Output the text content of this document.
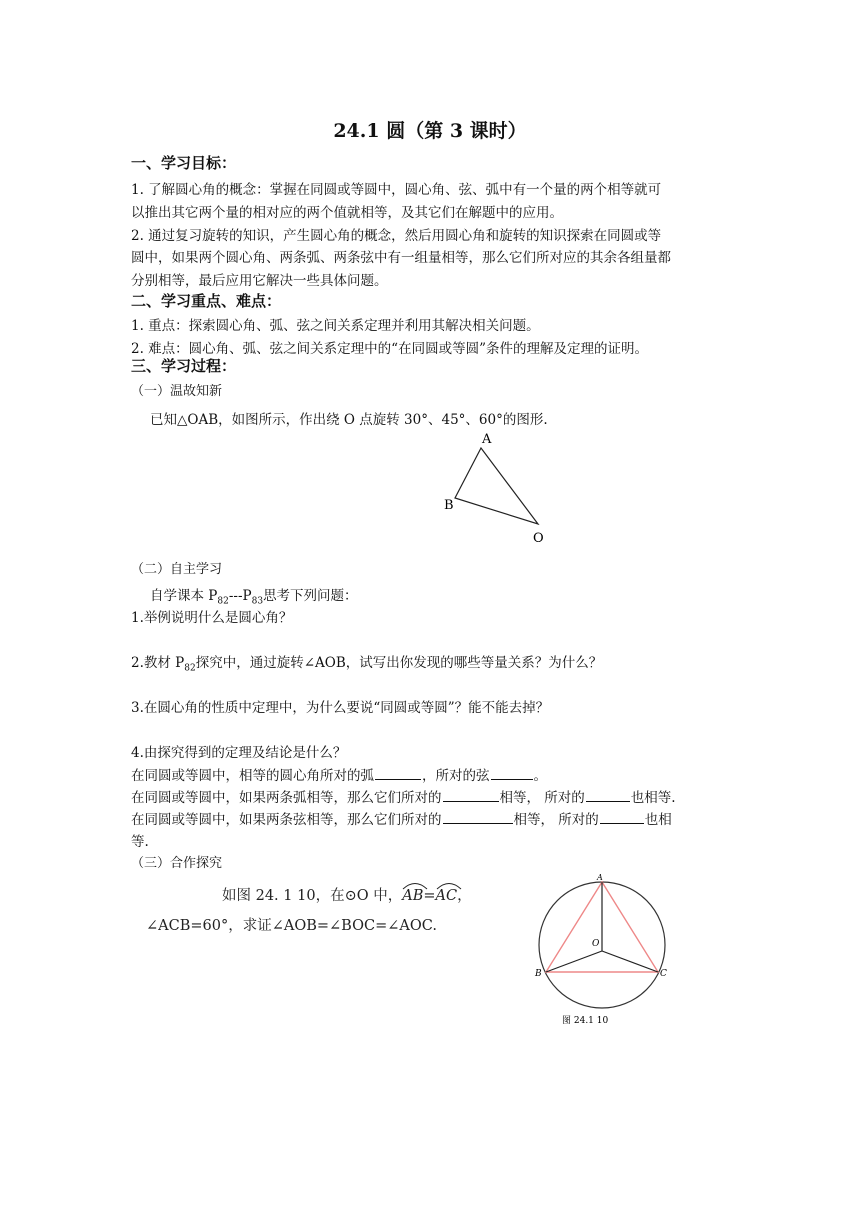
24.1 圆（第 3 课时）
一、学习目标：
1. 了解圆心角的概念：掌握在同圆或等圆中，圆心角、弦、弧中有一个量的两个相等就可
以推出其它两个量的相对应的两个值就相等，及其它们在解题中的应用。
2. 通过复习旋转的知识，产生圆心角的概念，然后用圆心角和旋转的知识探索在同圆或等
圆中，如果两个圆心角、两条弧、两条弦中有一组量相等，那么它们所对应的其余各组量都
分别相等，最后应用它解决一些具体问题。
二、学习重点、难点：
1. 重点：探索圆心角、弧、弦之间关系定理并利用其解决相关问题。
2. 难点：圆心角、弧、弦之间关系定理中的“在同圆或等圆”条件的理解及定理的证明。
三、学习过程：
（一）温故知新
已知△OAB，如图所示，作出绕 O 点旋转 30°、45°、60°的图形.
A
B
O
（二）自主学习
自学课本 $P_{82}---P_{83}$思考下列问题：
1.举例说明什么是圆心角？
2.教材 $P_{82}$探究中，通过旋转∠AOB，试写出你发现的哪些等量关系？为什么？
3.在圆心角的性质中定理中，为什么要说“同圆或等圆”？能不能去掉？
4.由探究得到的定理及结论是什么？
在同圆或等圆中，相等的圆心角所对的弧	，所对的弦	。
在同圆或等圆中，如果两条弧相等，那么它们所对的	相等， 所对的	也相等.
在同圆或等圆中，如果两条弦相等，那么它们所对的	相等， 所对的	也相
等.
（三）合作探究
如图 24. 1 10，在⊙O 中，
AB=
AC，
∠ACB=60°，求证∠AOB=∠BOC=∠AOC.
A
B	C
O
图 24.1 10
